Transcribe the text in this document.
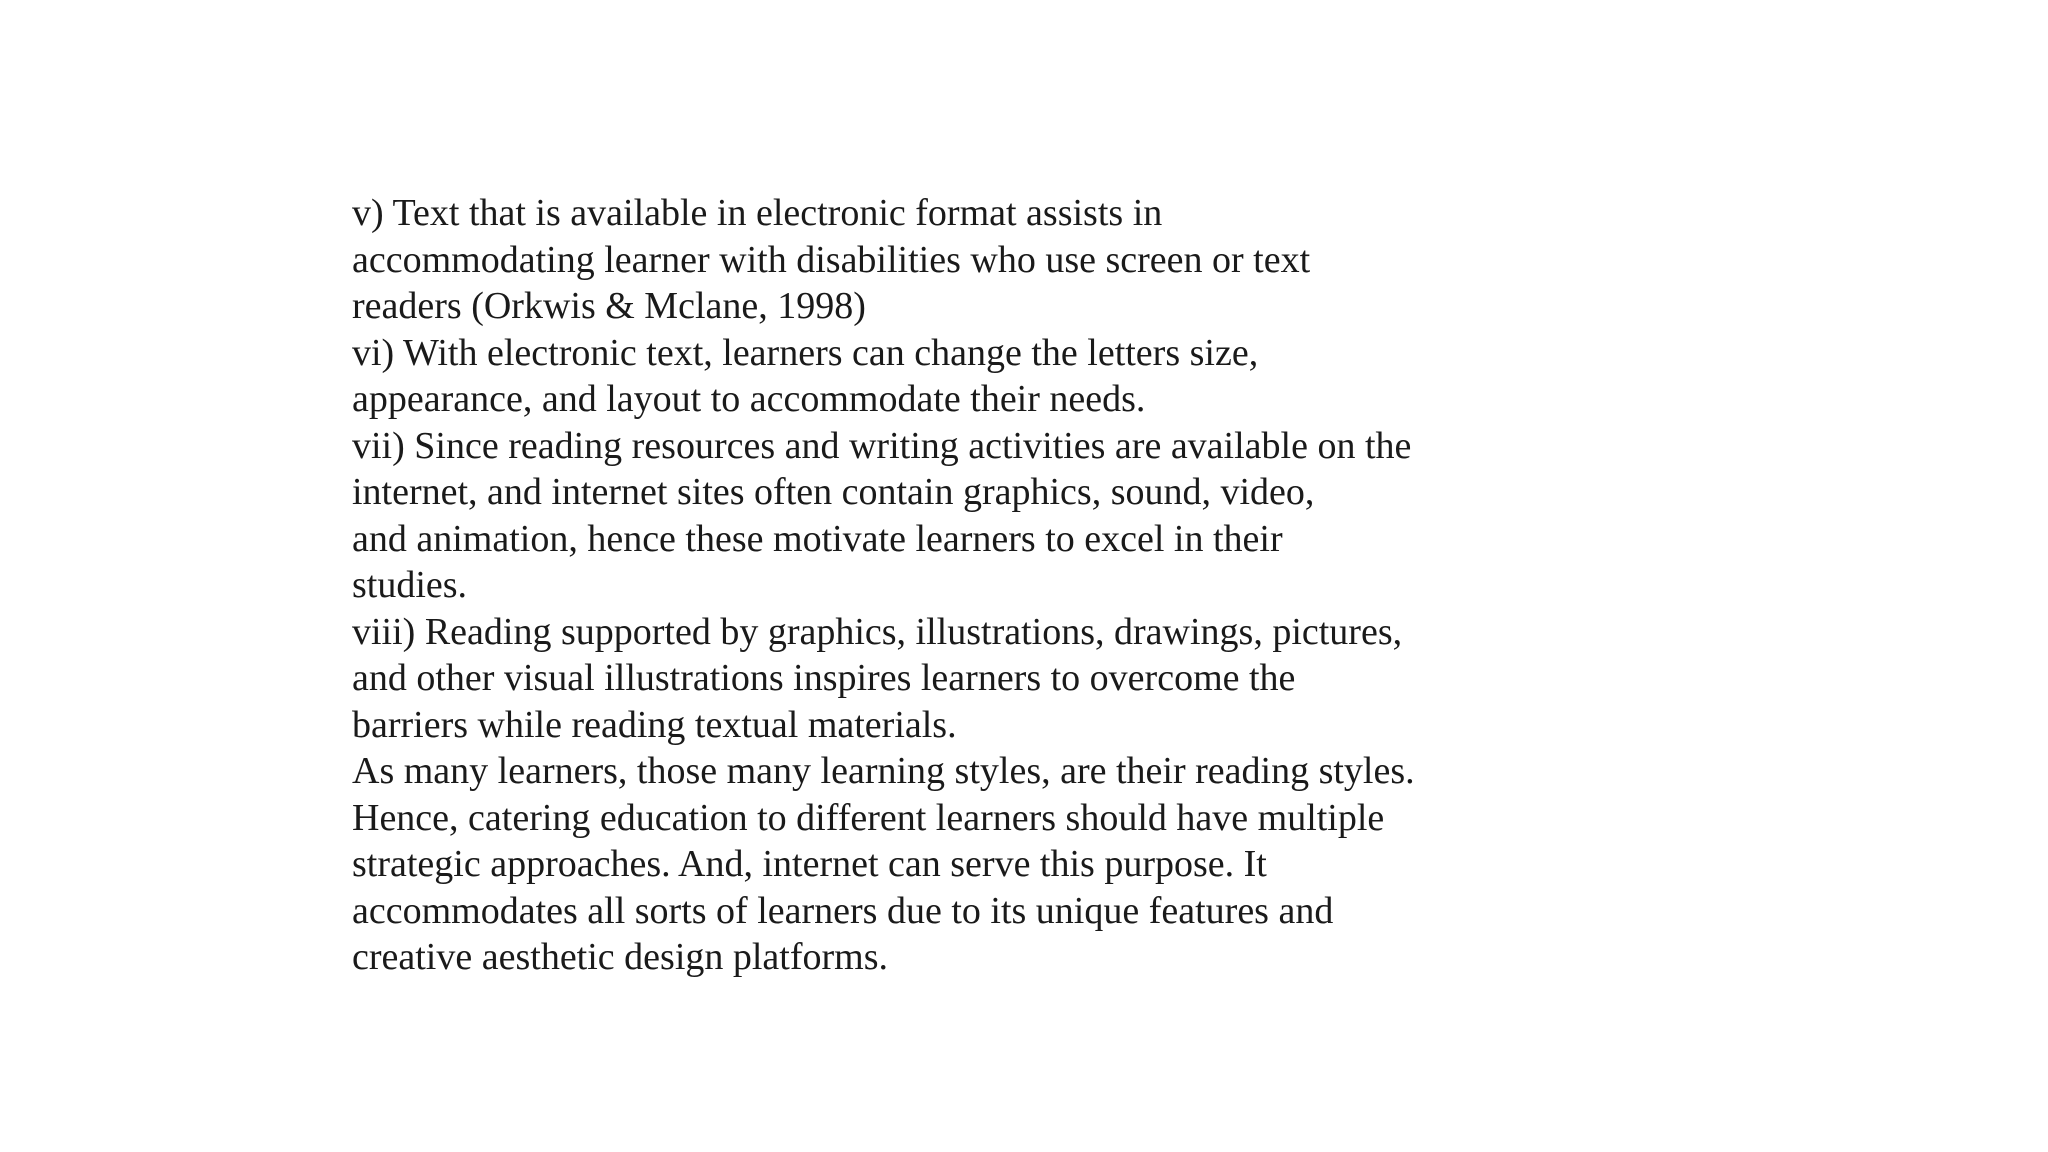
v) Text that is available in electronic format assists in
accommodating learner with disabilities who use screen or text
readers (Orkwis & Mclane, 1998)
vi) With electronic text, learners can change the letters size,
appearance, and layout to accommodate their needs.
vii) Since reading resources and writing activities are available on the
internet, and internet sites often contain graphics, sound, video,
and animation, hence these motivate learners to excel in their
studies.
viii) Reading supported by graphics, illustrations, drawings, pictures,
and other visual illustrations inspires learners to overcome the
barriers while reading textual materials.
As many learners, those many learning styles, are their reading styles.
Hence, catering education to different learners should have multiple
strategic approaches. And, internet can serve this purpose. It
accommodates all sorts of learners due to its unique features and
creative aesthetic design platforms.
